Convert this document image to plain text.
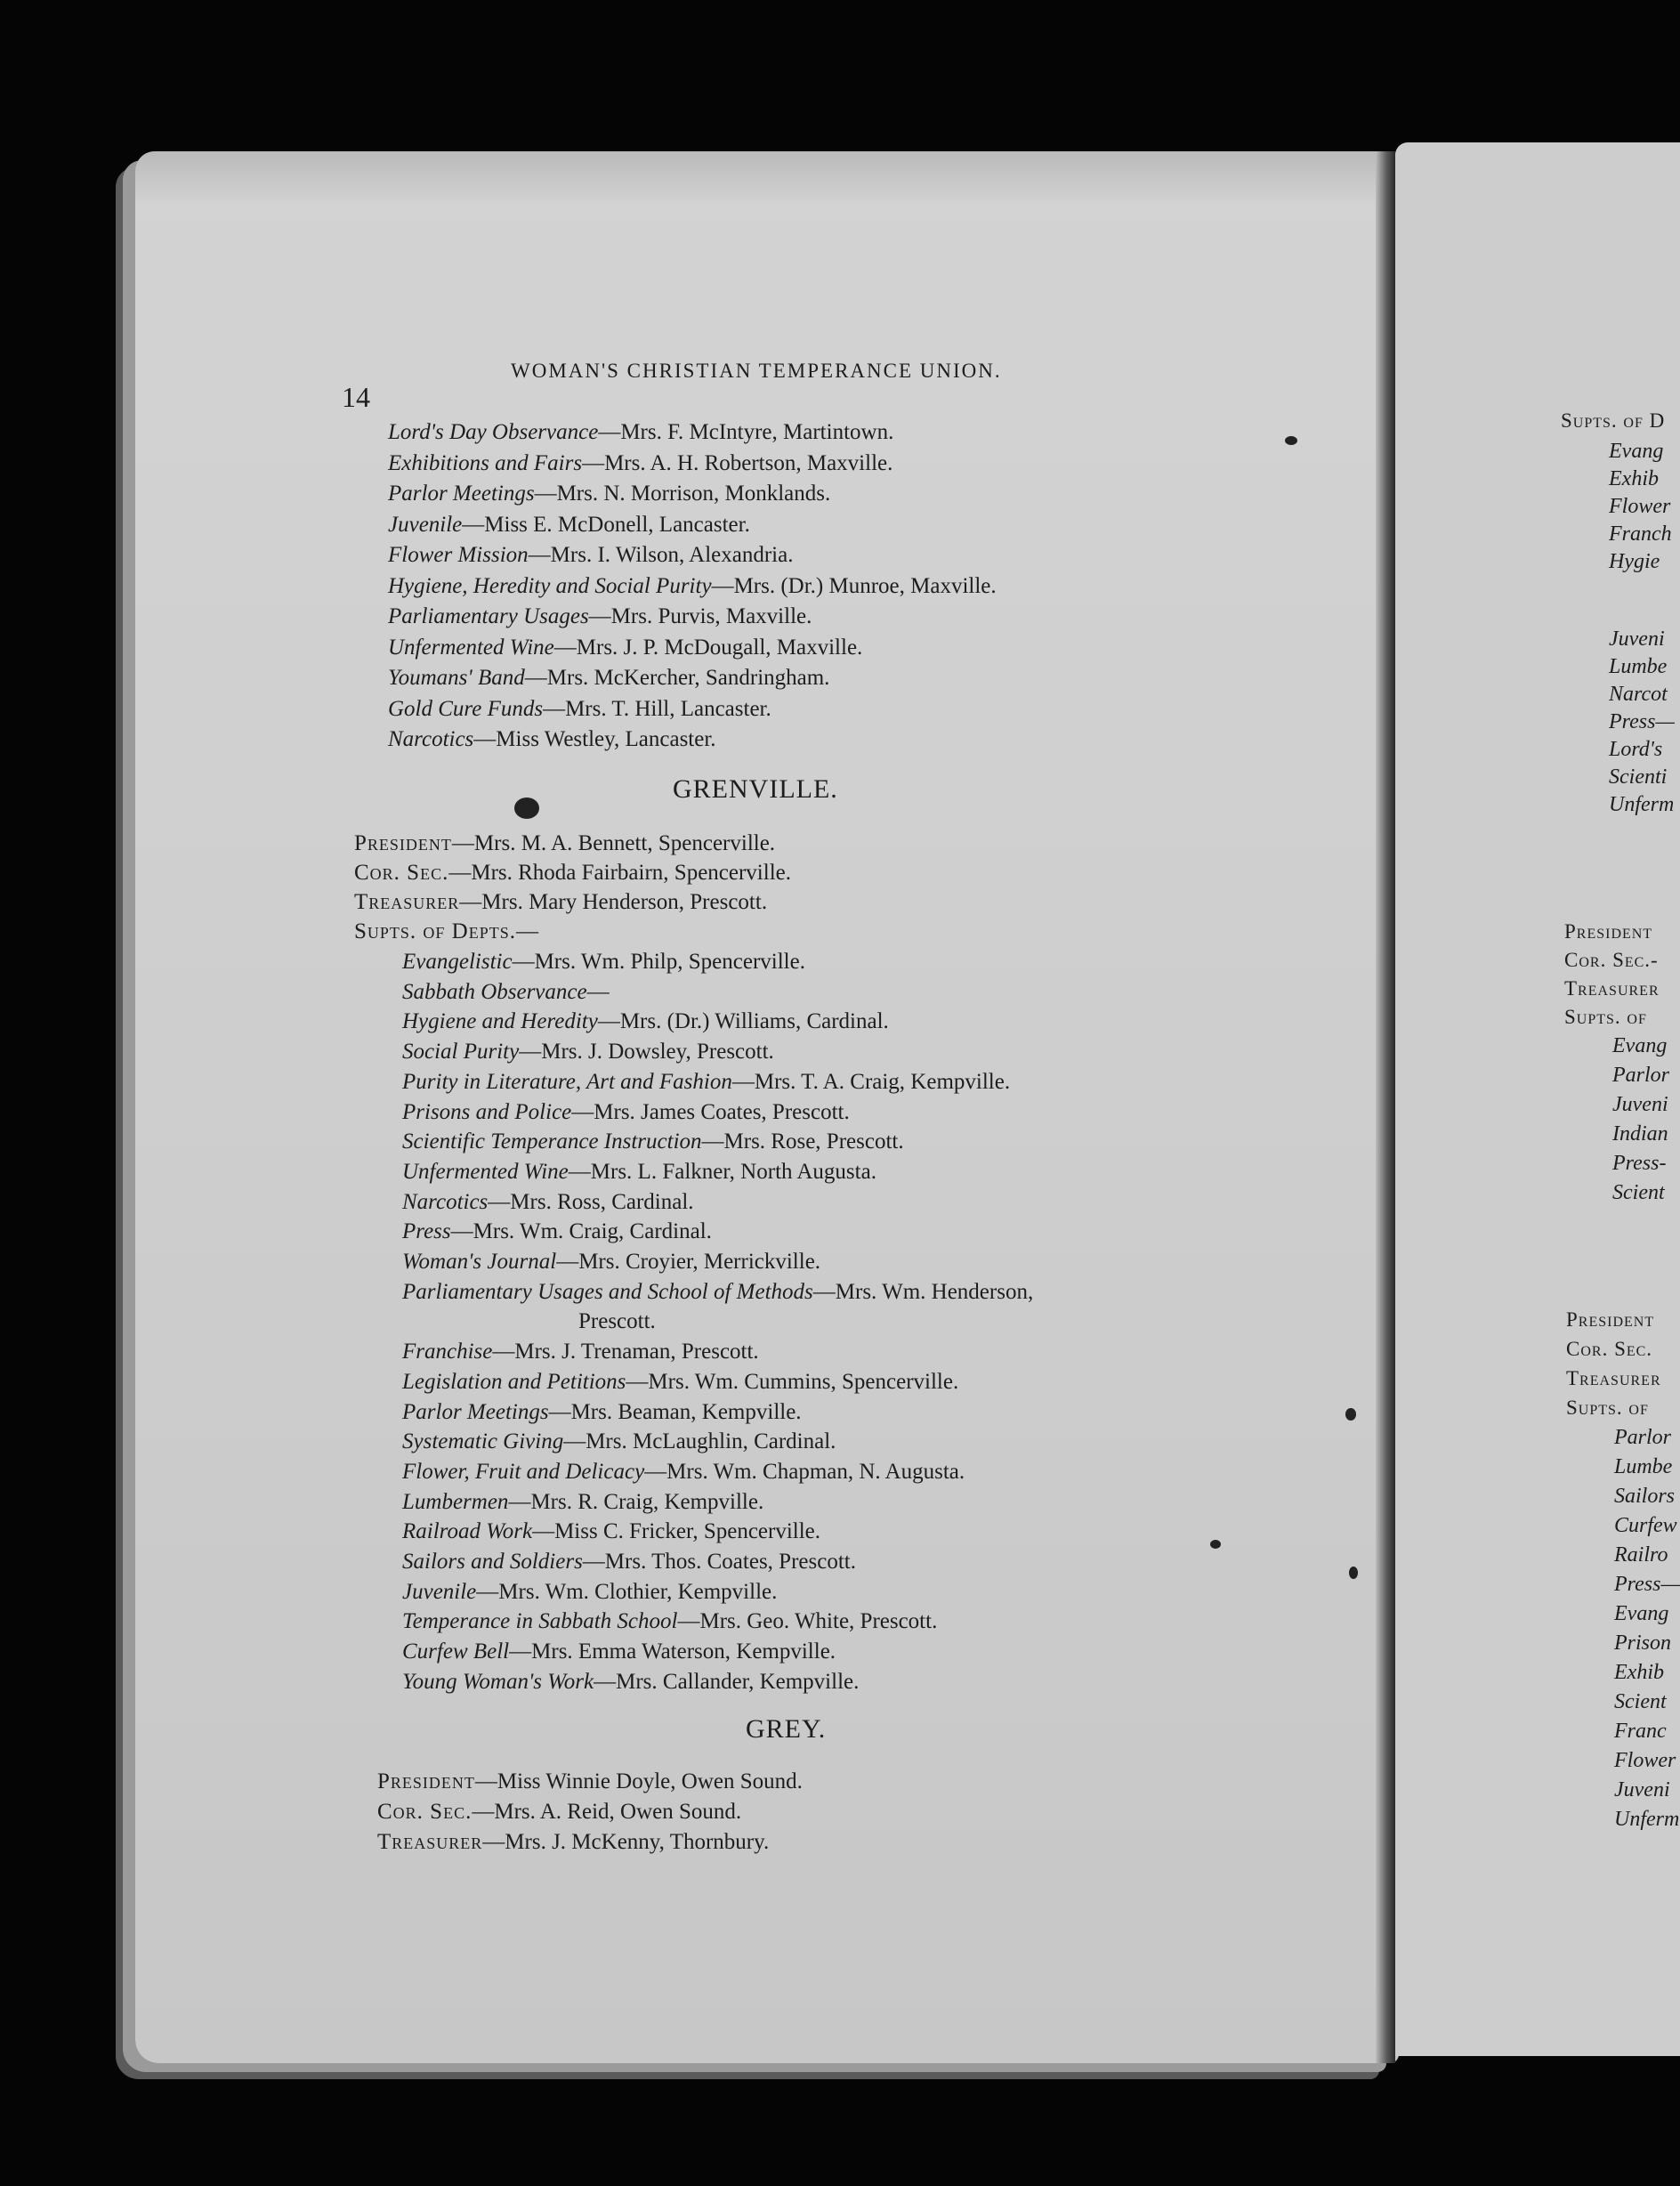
Supts. of D
Evang
Exhib
Flower
Franch
Hygie
Juveni
Lumbe
Narcot
Press—
Lord's
Scienti
Unferm
President
Cor. Sec.-
Treasurer
Supts. of
Evang
Parlor
Juveni
Indian
Press-
Scient
President
Cor. Sec.
Treasurer
Supts. of
Parlor
Lumbe
Sailors
Curfew
Railro
Press—
Evang
Prison
Exhib
Scient
Franc
Flower
Juveni
Unferm
14
WOMAN'S CHRISTIAN TEMPERANCE UNION.
Lord's Day Observance—Mrs. F. McIntyre, Martintown.
Exhibitions and Fairs—Mrs. A. H. Robertson, Maxville.
Parlor Meetings—Mrs. N. Morrison, Monklands.
Juvenile—Miss E. McDonell, Lancaster.
Flower Mission—Mrs. I. Wilson, Alexandria.
Hygiene, Heredity and Social Purity—Mrs. (Dr.) Munroe, Maxville.
Parliamentary Usages—Mrs. Purvis, Maxville.
Unfermented Wine—Mrs. J. P. McDougall, Maxville.
Youmans' Band—Mrs. McKercher, Sandringham.
Gold Cure Funds—Mrs. T. Hill, Lancaster.
Narcotics—Miss Westley, Lancaster.
GRENVILLE.
President—Mrs. M. A. Bennett, Spencerville.
Cor. Sec.—Mrs. Rhoda Fairbairn, Spencerville.
Treasurer—Mrs. Mary Henderson, Prescott.
Supts. of Depts.—
Evangelistic—Mrs. Wm. Philp, Spencerville.
Sabbath Observance—
Hygiene and Heredity—Mrs. (Dr.) Williams, Cardinal.
Social Purity—Mrs. J. Dowsley, Prescott.
Purity in Literature, Art and Fashion—Mrs. T. A. Craig, Kempville.
Prisons and Police—Mrs. James Coates, Prescott.
Scientific Temperance Instruction—Mrs. Rose, Prescott.
Unfermented Wine—Mrs. L. Falkner, North Augusta.
Narcotics—Mrs. Ross, Cardinal.
Press—Mrs. Wm. Craig, Cardinal.
Woman's Journal—Mrs. Croyier, Merrickville.
Parliamentary Usages and School of Methods—Mrs. Wm. Henderson,
Prescott.
Franchise—Mrs. J. Trenaman, Prescott.
Legislation and Petitions—Mrs. Wm. Cummins, Spencerville.
Parlor Meetings—Mrs. Beaman, Kempville.
Systematic Giving—Mrs. McLaughlin, Cardinal.
Flower, Fruit and Delicacy—Mrs. Wm. Chapman, N. Augusta.
Lumbermen—Mrs. R. Craig, Kempville.
Railroad Work—Miss C. Fricker, Spencerville.
Sailors and Soldiers—Mrs. Thos. Coates, Prescott.
Juvenile—Mrs. Wm. Clothier, Kempville.
Temperance in Sabbath School—Mrs. Geo. White, Prescott.
Curfew Bell—Mrs. Emma Waterson, Kempville.
Young Woman's Work—Mrs. Callander, Kempville.
GREY.
President—Miss Winnie Doyle, Owen Sound.
Cor. Sec.—Mrs. A. Reid, Owen Sound.
Treasurer—Mrs. J. McKenny, Thornbury.
